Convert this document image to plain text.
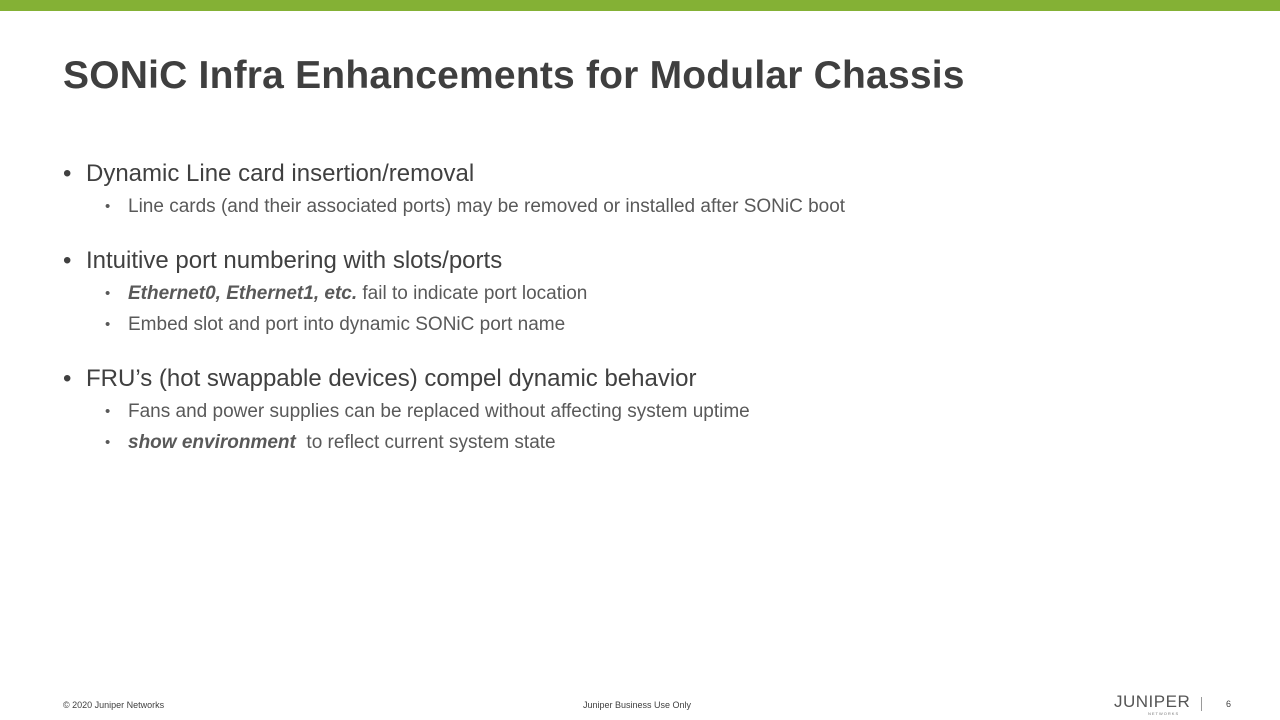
SONiC Infra Enhancements for Modular Chassis
• Dynamic Line card insertion/removal
• Line cards (and their associated ports) may be removed or installed after SONiC boot
• Intuitive port numbering with slots/ports
• Ethernet0, Ethernet1, etc. fail to indicate port location
• Embed slot and port into dynamic SONiC port name
• FRU’s (hot swappable devices) compel dynamic behavior
• Fans and power supplies can be replaced without affecting system uptime
• show environment  to reflect current system state
© 2020 Juniper Networks	Juniper Business Use Only	JUNIPER
NETWORKS
6
